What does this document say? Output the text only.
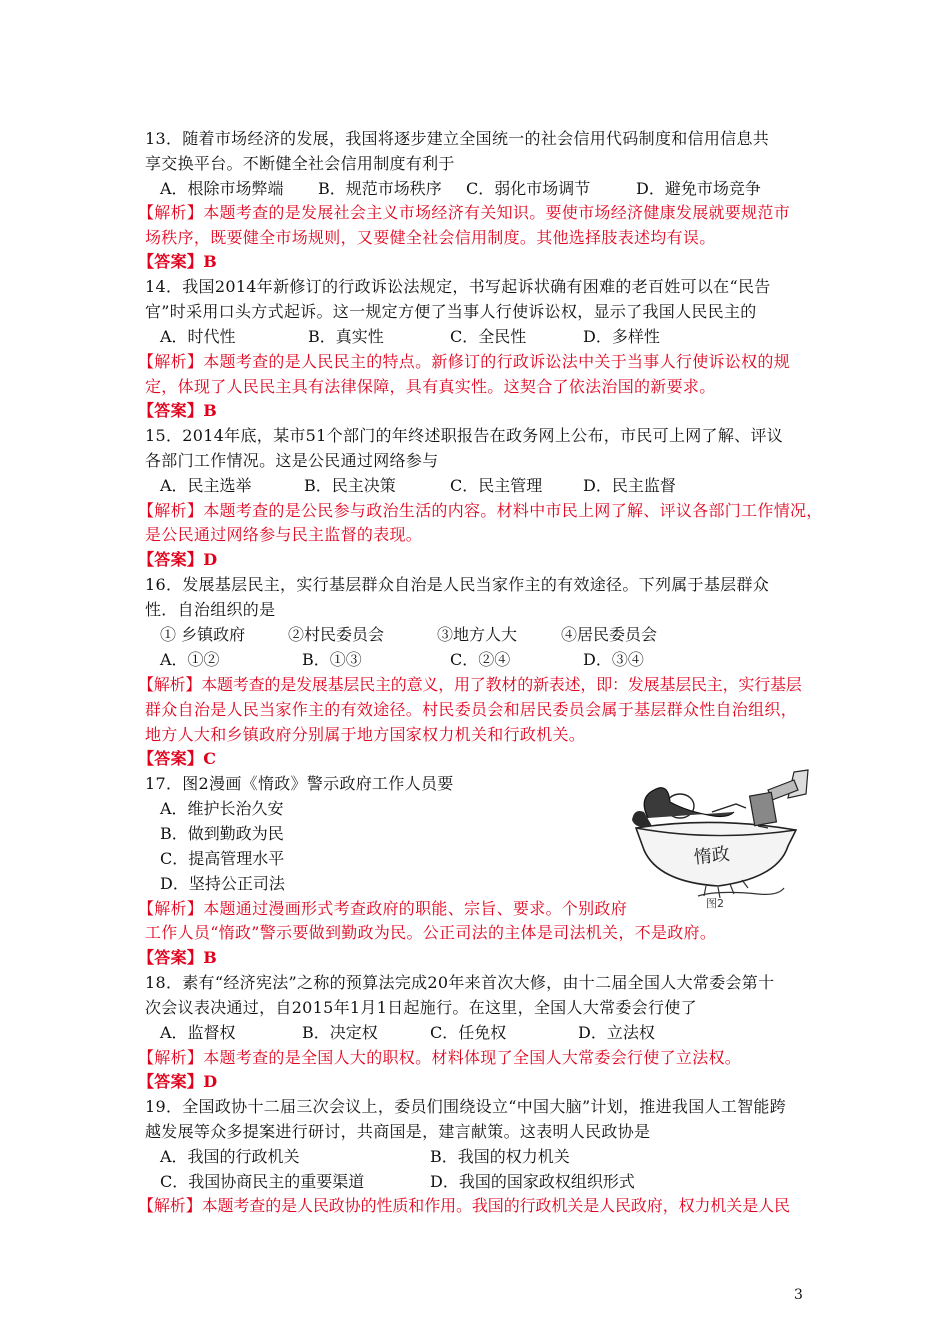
13．随着市场经济的发展，我国将逐步建立全国统一的社会信用代码制度和信用信息共
享交换平台。不断健全社会信用制度有利于
A．根除市场弊端 B．规范市场秩序 C．弱化市场调节	D．避免市场竞争
【解析】本题考查的是发展社会主义市场经济有关知识。要使市场经济健康发展就要规范市
场秩序，既要健全市场规则，又要健全社会信用制度。其他选择肢表述均有误。
【答案】B
14．我国2014年新修订的行政诉讼法规定，书写起诉状确有困难的老百姓可以在“民告
官”时采用口头方式起诉。这一规定方便了当事人行使诉讼权，显示了我国人民民主的
A．时代性	B．真实性	C．全民性	D．多样性
【解析】本题考查的是人民民主的特点。新修订的行政诉讼法中关于当事人行使诉讼权的规
定，体现了人民民主具有法律保障，具有真实性。这契合了依法治国的新要求。
【答案】B
15．2014年底，某市51个部门的年终述职报告在政务网上公布，市民可上网了解、评议
各部门工作情况。这是公民通过网络参与
A．民主选举	B．民主决策	C．民主管理	D．民主监督
【解析】本题考查的是公民参与政治生活的内容。材料中市民上网了解、评议各部门工作情况，
是公民通过网络参与民主监督的表现。
【答案】D
16．发展基层民主，实行基层群众自治是人民当家作主的有效途径。下列属于基层群众
性．自治组织的是
① 乡镇政府	②村民委员会	③地方人大	④居民委员会
A．①②	B．①③	C．②④	D．③④
【解析】本题考查的是发展基层民主的意义，用了教材的新表述，即：发展基层民主，实行基层
群众自治是人民当家作主的有效途径。村民委员会和居民委员会属于基层群众性自治组织，
地方人大和乡镇政府分别属于地方国家权力机关和行政机关。
【答案】C
17．图2漫画《惰政》警示政府工作人员要
A．维护长治久安
B．做到勤政为民
C．提高管理水平
D．坚持公正司法
【解析】本题通过漫画形式考查政府的职能、宗旨、要求。个别政府
工作人员“惰政”警示要做到勤政为民。公正司法的主体是司法机关，不是政府。
【答案】B
惰政
图2
18．素有“经济宪法”之称的预算法完成20年来首次大修，由十二届全国人大常委会第十
次会议表决通过，自2015年1月1日起施行。在这里，全国人大常委会行使了
A．监督权	B．决定权	C．任免权	D．立法权
【解析】本题考查的是全国人大的职权。材料体现了全国人大常委会行使了立法权。
【答案】D
19．全国政协十二届三次会议上，委员们围绕设立“中国大脑”计划，推进我国人工智能跨
越发展等众多提案进行研讨，共商国是，建言献策。这表明人民政协是
A．我国的行政机关	B．我国的权力机关
C．我国协商民主的重要渠道	D．我国的国家政权组织形式
【解析】本题考查的是人民政协的性质和作用。我国的行政机关是人民政府，权力机关是人民
3
